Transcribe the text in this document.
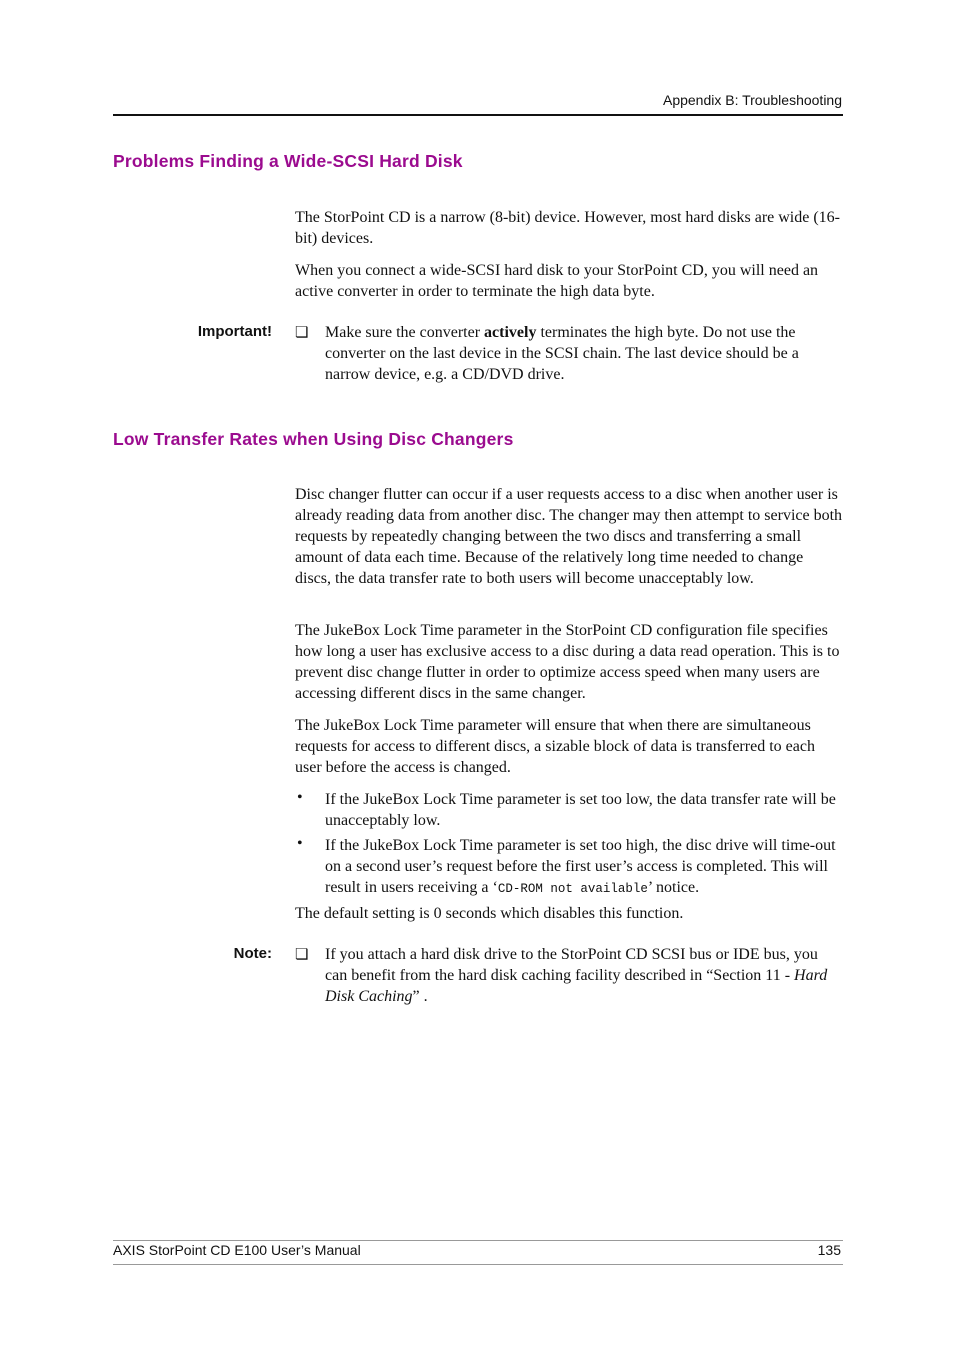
Appendix B: Troubleshooting
Problems Finding a Wide-SCSI Hard Disk

The StorPoint CD is a narrow (8-bit) device. However, most hard disks are wide (16-bit) devices.

When you connect a wide-SCSI hard disk to your StorPoint CD, you will need an active converter in order to terminate the high data byte.

Important! ❏ Make sure the converter actively terminates the high byte. Do not use the converter on the last device in the SCSI chain. The last device should be a narrow device, e.g. a CD/DVD drive.

Low Transfer Rates when Using Disc Changers

Disc changer flutter can occur if a user requests access to a disc when another user is already reading data from another disc. The changer may then attempt to service both requests by repeatedly changing between the two discs and transferring a small amount of data each time. Because of the relatively long time needed to change discs, the data transfer rate to both users will become unacceptably low.

The JukeBox Lock Time parameter in the StorPoint CD configuration file specifies how long a user has exclusive access to a disc during a data read operation. This is to prevent disc change flutter in order to optimize access speed when many users are accessing different discs in the same changer.

The JukeBox Lock Time parameter will ensure that when there are simultaneous requests for access to different discs, a sizable block of data is transferred to each user before the access is changed.

• If the JukeBox Lock Time parameter is set too low, the data transfer rate will be unacceptably low.

• If the JukeBox Lock Time parameter is set too high, the disc drive will time-out on a second user’s request before the first user’s access is completed. This will result in users receiving a ‘CD-ROM not available’ notice.

The default setting is 0 seconds which disables this function.

Note: ❏ If you attach a hard disk drive to the StorPoint CD SCSI bus or IDE bus, you can benefit from the hard disk caching facility described in “Section 11 - Hard Disk Caching” .

AXIS StorPoint CD E100 User’s Manual	135
